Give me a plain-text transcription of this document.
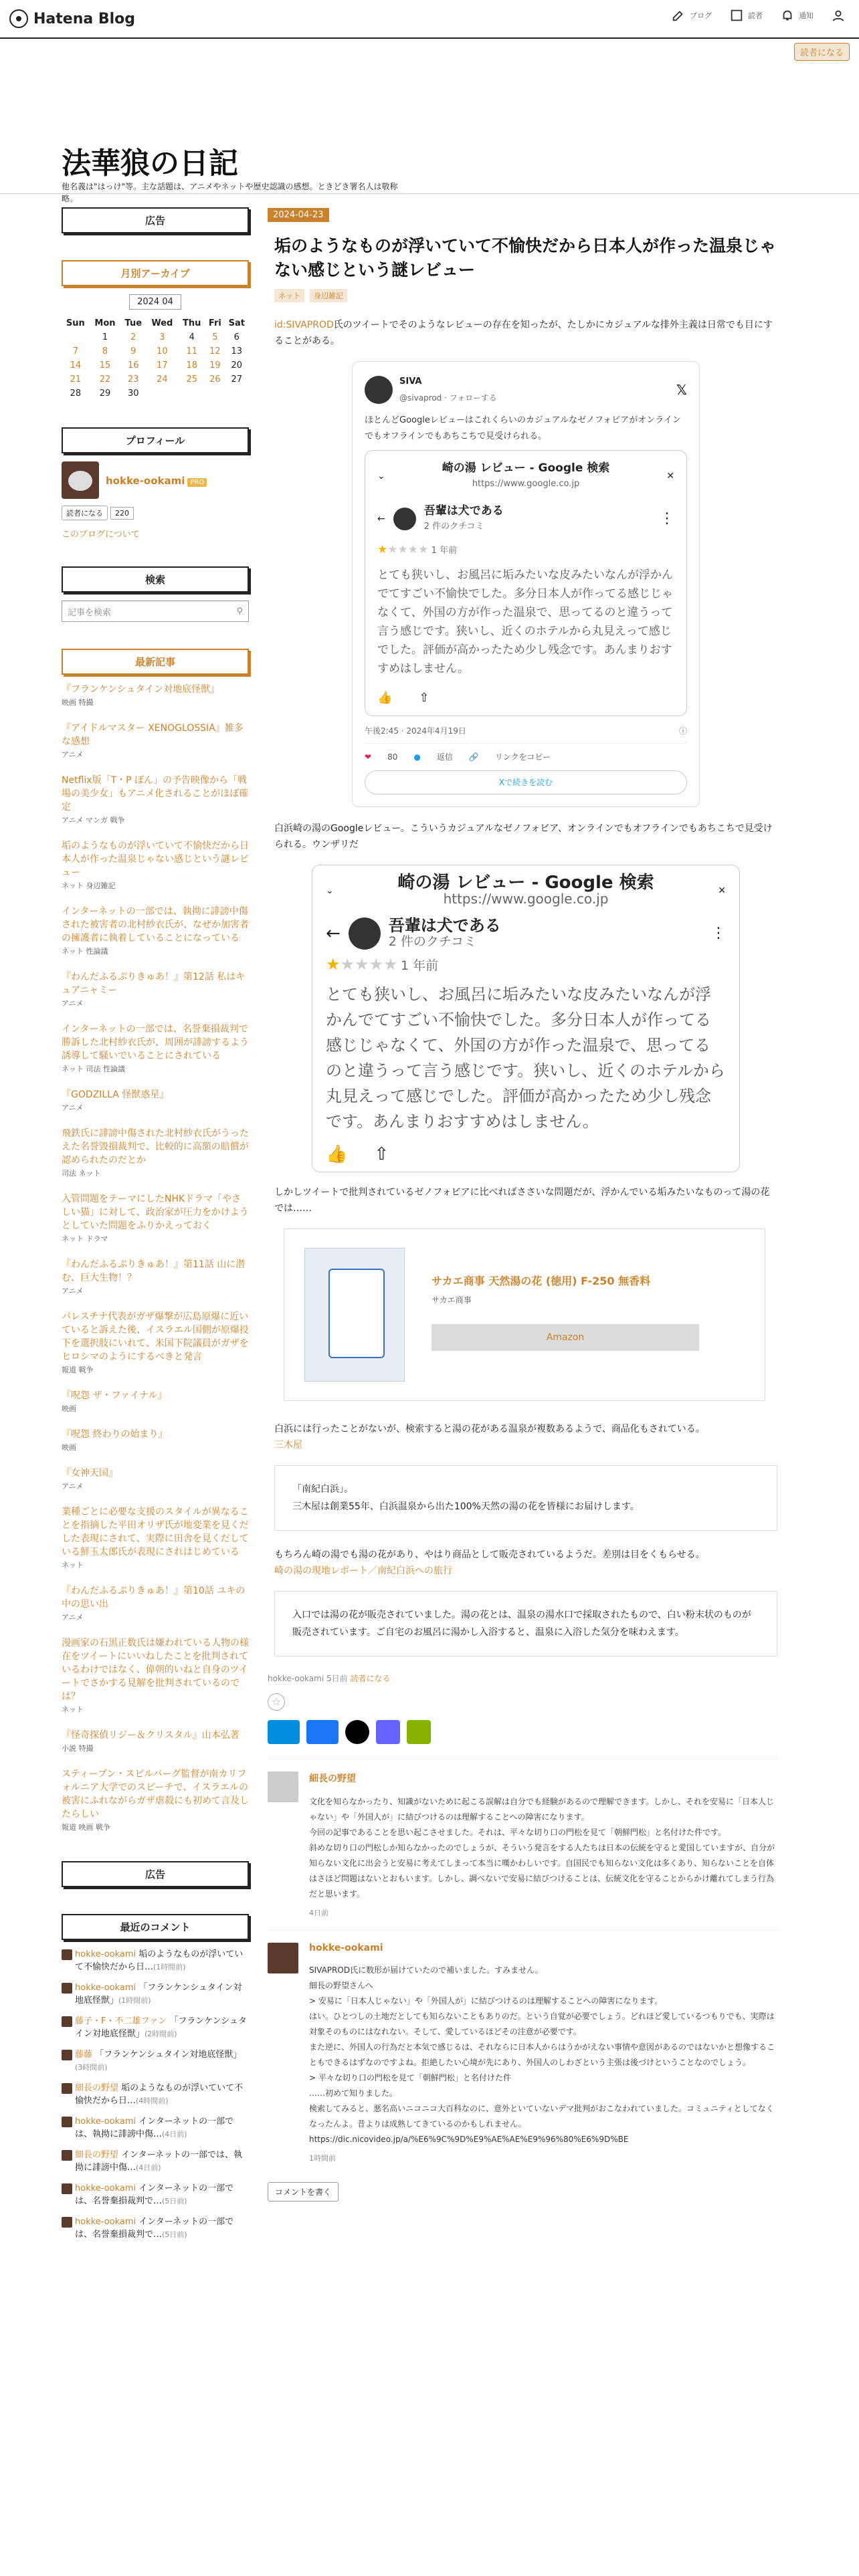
Hatena Blog	ブログ	読者	通知
読者になる
法華狼の日記
他名義は"はっけ"等。主な話題は、アニメやネットや歴史認識の感想。ときどき署名人は敬称略。
広告
月別アーカイブ
2024 04
Sun	Mon	Tue	Wed	Thu	Fri	Sat
	1	2	3	4	5	6
7	8	9	10	11	12	13
14	15	16	17	18	19	20
21	22	23	24	25	26	27
28	29	30				
プロフィール
hokke-ookami PRO
読者になる	220
このブログについて
検索
記事を検索	⚲
最新記事
『フランケンシュタイン対地底怪獣』
映画 特撮
『アイドルマスター XENOGLOSSIA』雑多な感想
アニメ
Netflix版「T・P ぼん」の予告映像から「戦場の美少女」もアニメ化されることがほぼ確定
アニメ マンガ 戦争
垢のようなものが浮いていて不愉快だから日本人が作った温泉じゃない感じという謎レビュー
ネット 身辺雑記
インターネットの一部では、執拗に誹謗中傷された被害者の北村紗衣氏が、なぜか加害者の擁護者に執着していることになっている
ネット 性論議
『わんだふるぷりきゅあ！』第12話 私はキュアニャミー
アニメ
インターネットの一部では、名誉棄損裁判で勝訴した北村紗衣氏が、周囲が誹謗するよう誘導して騒いでいることにされている
ネット 司法 性論議
『GODZILLA 怪獣惑星』
アニメ
飛鉄氏に誹謗中傷された北村紗衣氏がうったえた名誉毀損裁判で、比較的に高額の賠償が認められたのだとか
司法 ネット
入管問題をテーマにしたNHKドラマ「やさしい猫」に対して、政治家が圧力をかけようとしていた問題をふりかえっておく
ネット ドラマ
『わんだふるぷりきゅあ！』第11話 山に潜む、巨大生物！？
アニメ
パレスチナ代表がガザ爆撃が広島原爆に近いていると訴えた後、イスラエル国側が原爆投下を選択肢にいれて、米国下院議員がガザをヒロシマのようにするべきと発言
報道 戦争
『呪怨 ザ・ファイナル』
映画
『呪怨 終わりの始まり』
映画
『女神天国』
アニメ
業種ごとに必要な支援のスタイルが異なることを指摘した平田オリザ氏が地変業を見くだした表現にされて、実際に田舎を見くだしている鮮玉太郎氏が表現にされはじめている
ネット
『わんだふるぷりきゅあ！』第10話 ユキの中の思い出
アニメ
漫画家の石黒正数氏は嫌われている人物の様在をツイートにいいねしたことを批判されているわけではなく、偉朝的いねと自身のツイートでさかする見解を批判されているのでは？
ネット
『怪奇探偵リジー＆クリスタル』山本弘著
小説 特撮
スティーブン・スピルバーグ監督が南カリフォルニア大学でのスピーチで、イスラエルの被害にふれながらガザ虐殺にも初めて言及したらしい
報道 映画 戦争
広告
最近のコメント
hokke-ookami 垢のようなものが浮いていて不愉快だから日…(1時間前)
hokke-ookami 「フランケンシュタイン対地底怪獣」(1時間前)
藤子・F・不二雄ファン 「フランケンシュタイン対地底怪獣」(2時間前)
藤藤 「フランケンシュタイン対地底怪獣」(3時間前)
細長の野望 垢のようなものが浮いていて不愉快だから日…(4時間前)
hokke-ookami インターネットの一部では、執拗に誹謗中傷…(4日前)
細長の野望 インターネットの一部では、執拗に誹謗中傷…(4日前)
hokke-ookami インターネットの一部では、名誉棄損裁判で…(5日前)
hokke-ookami インターネットの一部では、名誉棄損裁判で…(5日前)
2024-04-23
垢のようなものが浮いていて不愉快だから日本人が作った温泉じゃない感じという謎レビュー
ネット	身辺雑記

id:SIVAPROD氏のツイートでそのようなレビューの存在を知ったが、たしかにカジュアルな排外主義は日常でも目にすることがある。

SIVA
@sivaprod · フォローする	𝕏
ほとんどGoogleレビューはこれくらいのカジュアルなゼノフォビアがオンラインでもオフラインでもあちこちで見受けられる。
⌄
崎の湯 レビュー - Google 検索
https://www.google.co.jp
✕
←
吾輩は犬である
2 件のクチコミ	⋮
★★★★★ 1 年前
とても狭いし、お風呂に垢みたいな皮みたいなんが浮かんでてすごい不愉快でした。多分日本人が作ってる感じじゃなくて、外国の方が作った温泉で、思ってるのと違うって言う感じです。狭いし、近くのホテルから丸見えって感じでした。評価が高かったため少し残念です。あんまりおすすめはしません。
👍 ⇧
午後2:45 · 2024年4月19日	ⓘ
❤ 80 ● 返信 🔗 リンクをコピー
Xで続きを読む

白浜崎の湯のGoogleレビュー。こういうカジュアルなゼノフォビア、オンラインでもオフラインでもあちこちで見受けられる。ウンザリだ

⌄	崎の湯 レビュー - Google 検索
https://www.google.co.jp	✕
←	吾輩は犬である
2 件のクチコミ	⋮
★★★★★ 1 年前
とても狭いし、お風呂に垢みたいな皮みたいなんが浮かんでてすごい不愉快でした。多分日本人が作ってる感じじゃなくて、外国の方が作った温泉で、思ってるのと違うって言う感じです。狭いし、近くのホテルから丸見えって感じでした。評価が高かったため少し残念です。あんまりおすすめはしません。
👍 ⇧

しかしツイートで批判されているゼノフォビアに比べればささいな問題だが、浮かんでいる垢みたいなものって湯の花では……

サカエ商事 天然湯の花 (徳用) F-250 無香料
サカエ商事
Amazon

白浜には行ったことがないが、検索すると湯の花がある温泉が複数あるようで、商品化もされている。
三木屋

「南紀白浜」。
三木屋は創業55年、白浜温泉から出た100%天然の湯の花を皆様にお届けします。

もちろん崎の湯でも湯の花があり、やはり商品として販売されているようだ。差別は目をくもらせる。
崎の湯の現地レポート／南紀白浜への旅行

入口では湯の花が販売されていました。湯の花とは、温泉の湯水口で採取されたもので、白い粉末状のものが販売されています。ご自宅のお風呂に湯かし入浴すると、温泉に入浴した気分を味わえます。
hokke-ookami 5日前 読者になる
☆
細長の野望
文化を知らなかったり、知識がないために起こる誤解は自分でも経験があるので理解できます。しかし、それを安易に「日本人じゃない」や「外国人が」に結びつけるのは理解することへの障害になります。
今回の記事であることを思い起こさせました。それは、平々な切り口の門松を見て「朝鮮門松」と名付けた件です。
斜めな切り口の門松しか知らなかったのでしょうが、そういう発言をする人たちは日本の伝統を守ると愛国していますが、自分が知らない文化に出会うと安易に考えてしまって本当に嘆かわしいです。自国民でも知らない文化は多くあり、知らないことを自体はさほど問題はないとおもいます。しかし、調べないで安易に結びつけることは、伝統文化を守ることからかけ離れてしまう行為だと思います。
4日前
hokke-ookami
SIVAPROD氏に数形が届けていたので補いました。すみません。
細長の野望さんへ
> 安易に「日本人じゃない」や「外国人が」に結びつけるのは理解することへの障害になります。
はい。ひとつしの土地だとしても知らないこともありのだ。という自覚が必要でしょう。どれほど愛しているつもりでも、実際は対象そのものにはなれない。そして、愛しているほどその注意が必要です。
また逆に、外国人の行為だと本気で感じるは、それならに日本人からはうかがえない事情や意図があるのではないかと想像することもできるはずなのですよね。拒絶したい心境が先にあり、外国人のしわざという主張は後づけということなのでしょう。
> 平々な切り口の門松を見て「朝鮮門松」と名付けた件
……初めて知りました。
検索してみると、悪名高いニコニコ大百科なのに、意外といていないデマ批判がおこなわれていました。コミュニティとしてなくなったんよ。昔よりは成熟してきているのかもしれません。
https://dic.nicovideo.jp/a/%E6%9C%9D%E9%AE%AE%E9%96%80%E6%9D%BE
1時間前
コメントを書く
